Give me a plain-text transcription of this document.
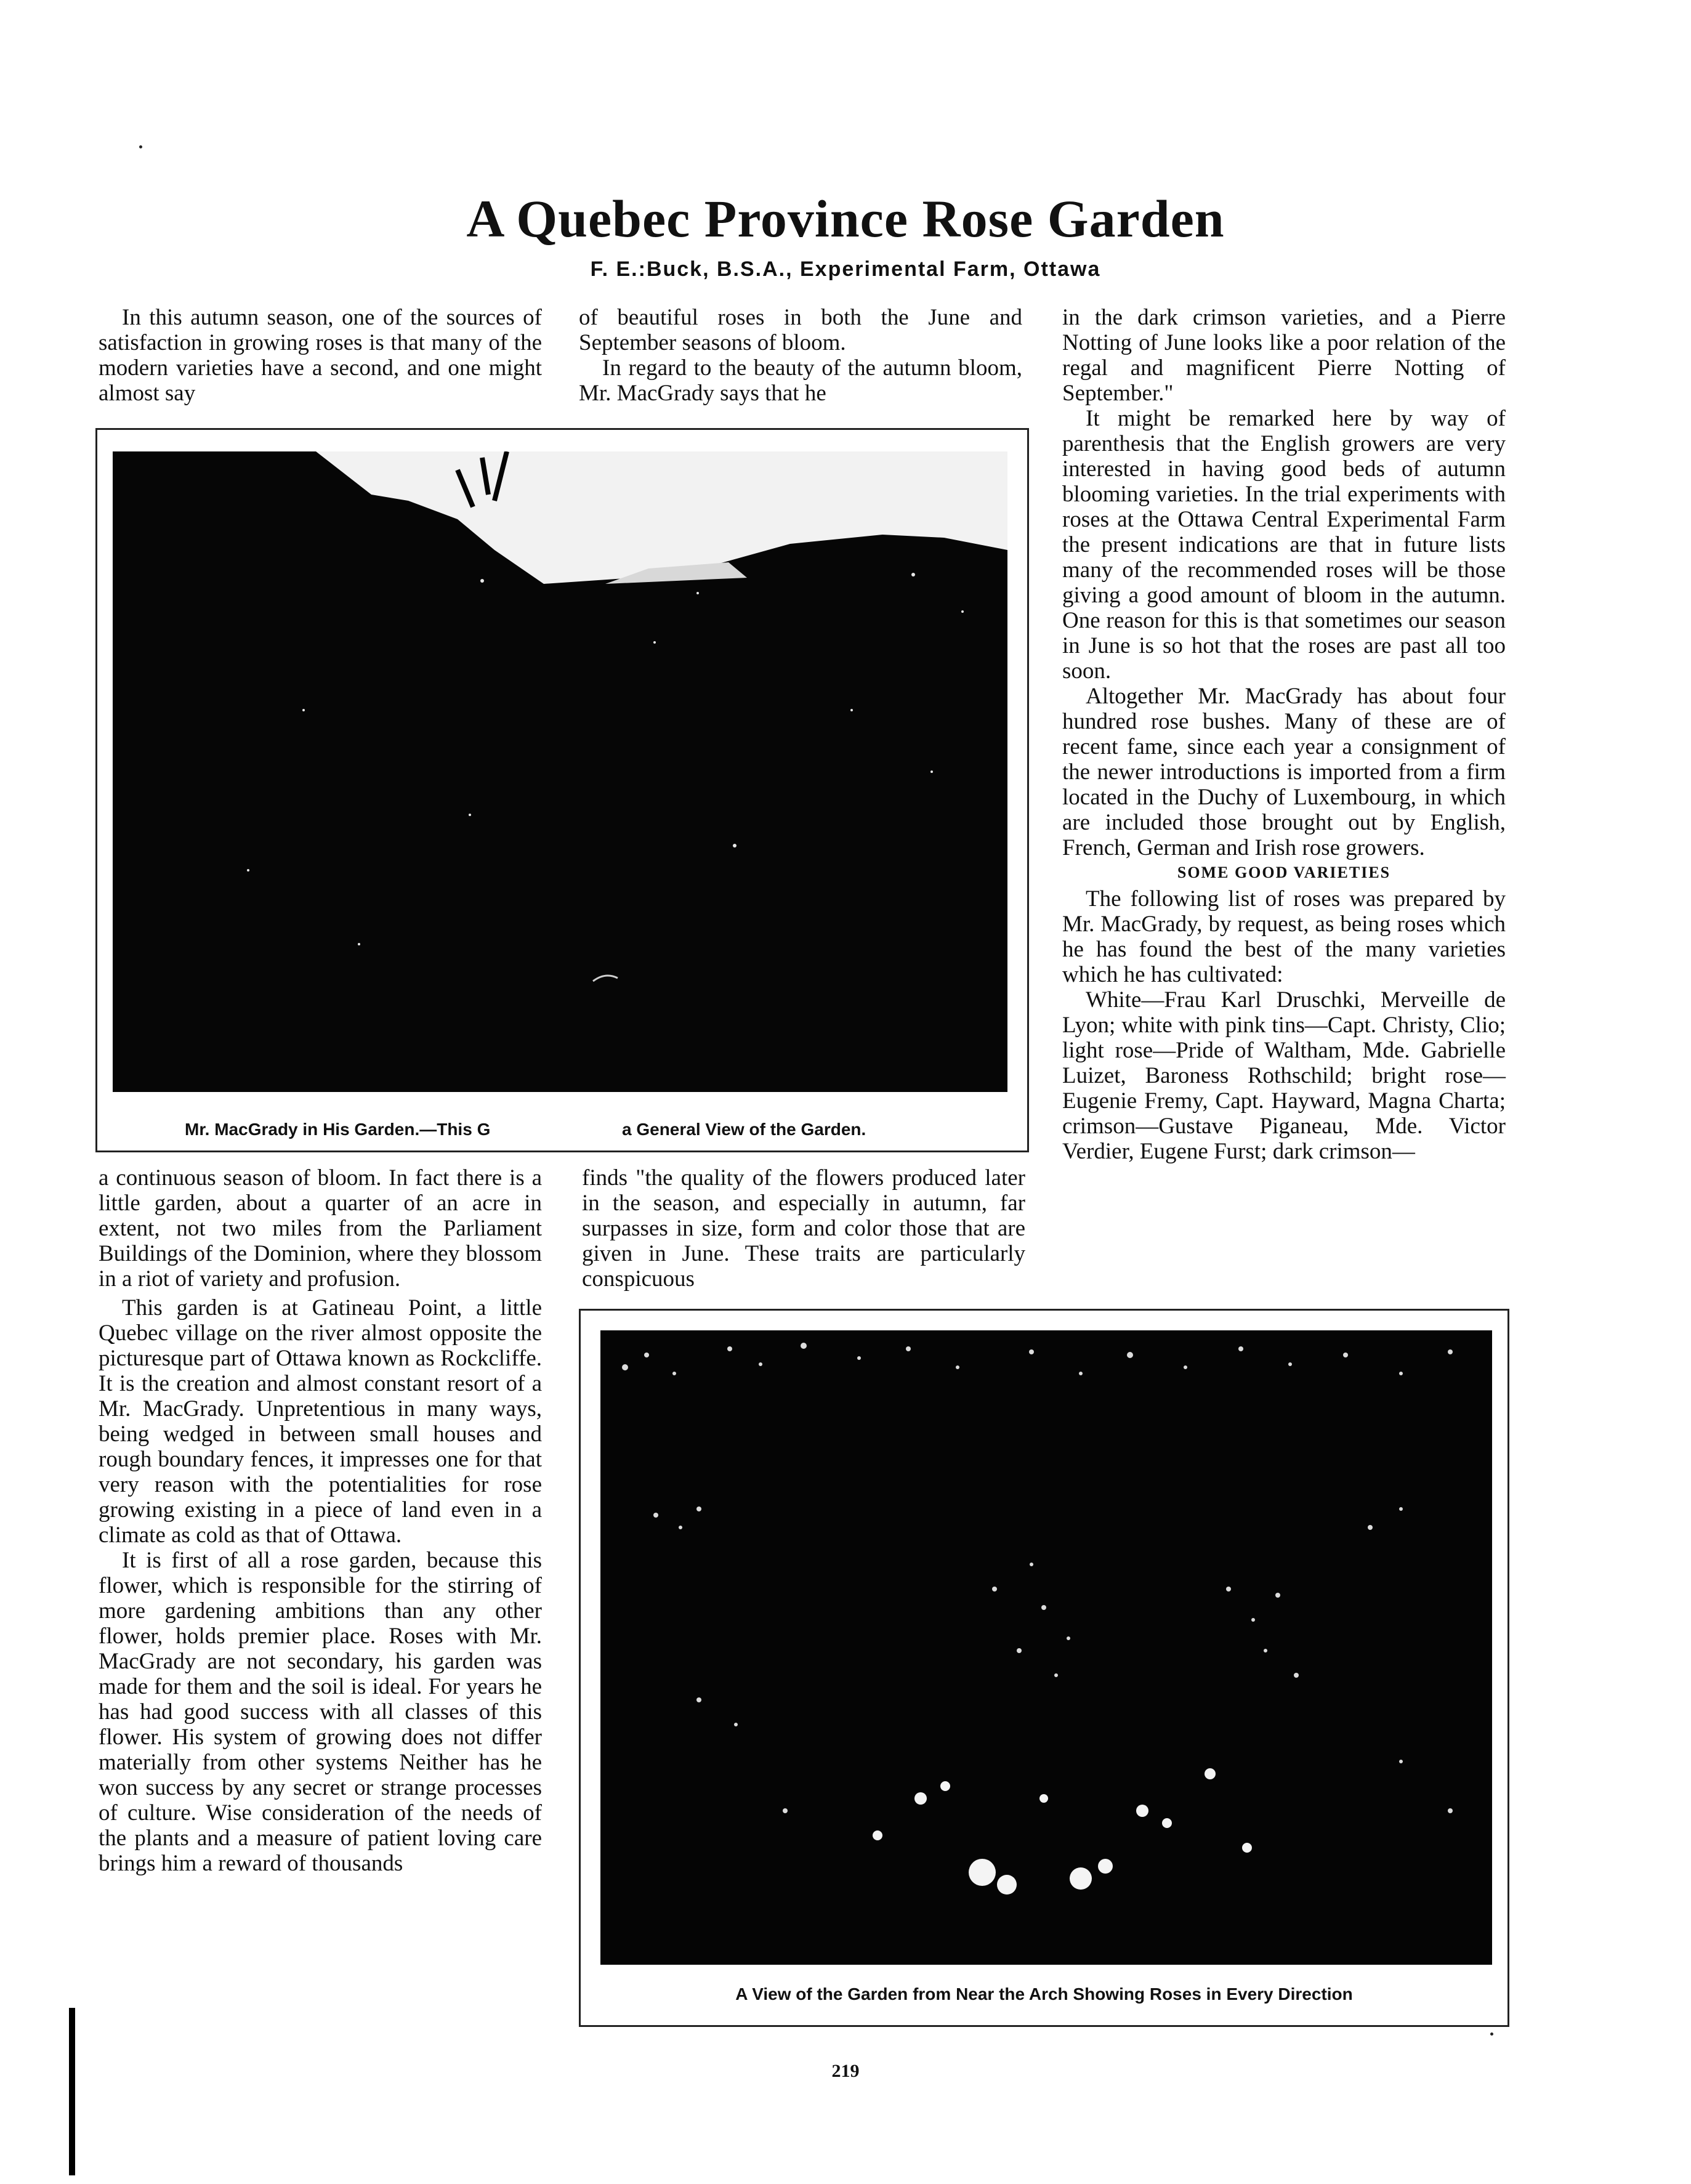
A Quebec Province Rose Garden
F. E.:Buck, B.S.A., Experimental Farm, Ottawa

In this autumn season, one of the sources of satisfaction in growing roses is that many of the modern varieties have a second, and one might almost say

of beautiful roses in both the June and September seasons of bloom.

In regard to the beauty of the autumn bloom, Mr. MacGrady says that he

Mr. MacGrady in His Garden.—This G	a General View of the Garden.

a continuous season of bloom. In fact there is a little garden, about a quarter of an acre in extent, not two miles from the Parliament Buildings of the Dominion, where they blossom in a riot of variety and profusion.

This garden is at Gatineau Point, a little Quebec village on the river almost opposite the picturesque part of Ottawa known as Rockcliffe. It is the creation and almost constant resort of a Mr. MacGrady. Unpretentious in many ways, being wedged in between small houses and rough boundary fences, it impresses one for that very reason with the potentialities for rose growing existing in a piece of land even in a climate as cold as that of Ottawa.

It is first of all a rose garden, because this flower, which is responsible for the stirring of more gardening ambitions than any other flower, holds premier place. Roses with Mr. MacGrady are not secondary, his garden was made for them and the soil is ideal. For years he has had good success with all classes of this flower. His system of growing does not differ materially from other systems Neither has he won success by any secret or strange processes of culture. Wise consideration of the needs of the plants and a measure of patient loving care brings him a reward of thousands

finds "the quality of the flowers produced later in the season, and especially in autumn, far surpasses in size, form and color those that are given in June. These traits are particularly conspicuous

in the dark crimson varieties, and a Pierre Notting of June looks like a poor relation of the regal and magnificent Pierre Notting of September."

It might be remarked here by way of parenthesis that the English growers are very interested in having good beds of autumn blooming varieties. In the trial experiments with roses at the Ottawa Central Experimental Farm the present indications are that in future lists many of the recommended roses will be those giving a good amount of bloom in the autumn. One reason for this is that sometimes our season in June is so hot that the roses are past all too soon.

Altogether Mr. MacGrady has about four hundred rose bushes. Many of these are of recent fame, since each year a consignment of the newer introductions is imported from a firm located in the Duchy of Luxembourg, in which are included those brought out by English, French, German and Irish rose growers.

SOME GOOD VARIETIES

The following list of roses was prepared by Mr. MacGrady, by request, as being roses which he has found the best of the many varieties which he has cultivated:

White—Frau Karl Druschki, Merveille de Lyon; white with pink tins—Capt. Christy, Clio; light rose—Pride of Waltham, Mde. Gabrielle Luizet, Baroness Rothschild; bright rose—Eugenie Fremy, Capt. Hayward, Magna Charta; crimson—Gustave Piganeau, Mde. Victor Verdier, Eugene Furst; dark crimson—

A View of the Garden from Near the Arch Showing Roses in Every Direction
219
